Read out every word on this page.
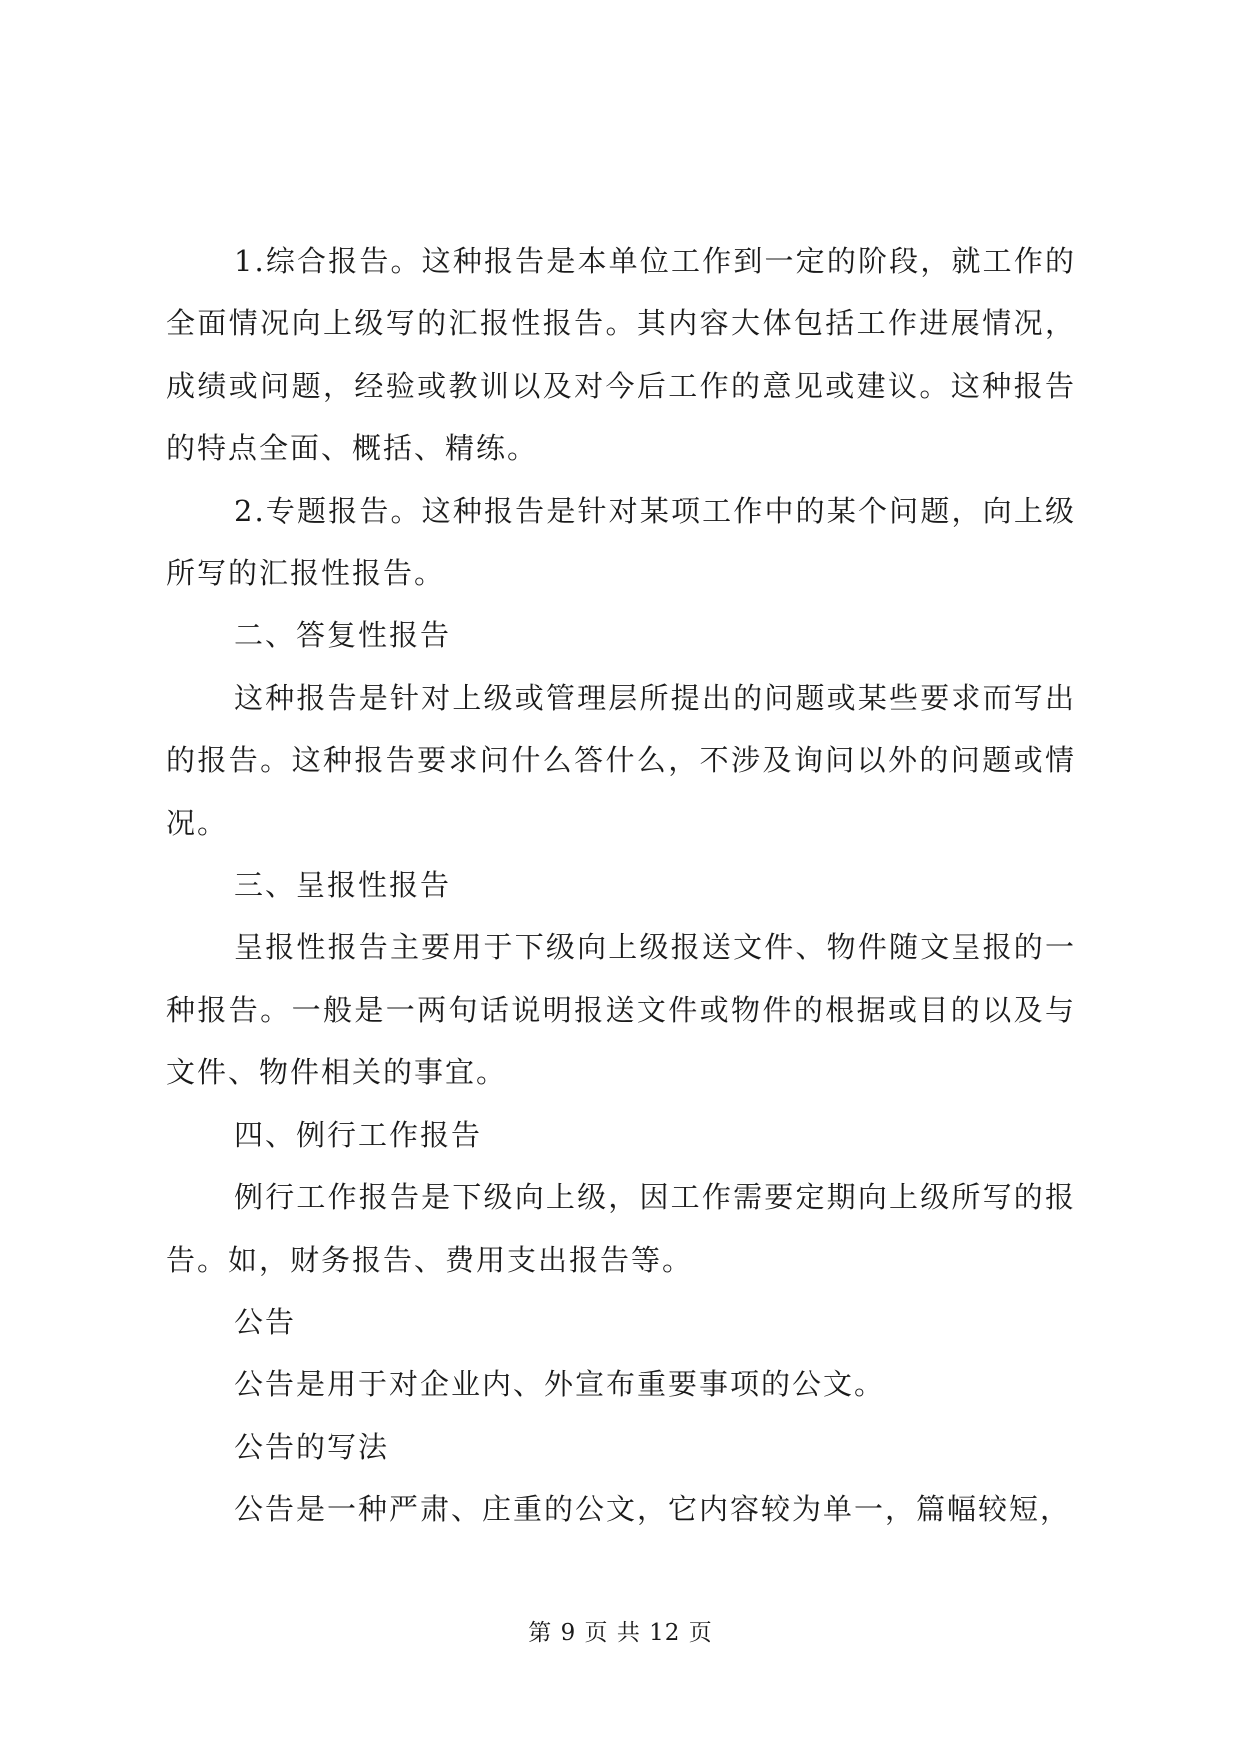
1.综合报告。这种报告是本单位工作到一定的阶段，就工作的全面情况向上级写的汇报性报告。其内容大体包括工作进展情况，成绩或问题，经验或教训以及对今后工作的意见或建议。这种报告的特点全面、概括、精练。

2.专题报告。这种报告是针对某项工作中的某个问题，向上级所写的汇报性报告。

二、答复性报告

这种报告是针对上级或管理层所提出的问题或某些要求而写出的报告。这种报告要求问什么答什么，不涉及询问以外的问题或情况。

三、呈报性报告

呈报性报告主要用于下级向上级报送文件、物件随文呈报的一种报告。一般是一两句话说明报送文件或物件的根据或目的以及与文件、物件相关的事宜。

四、例行工作报告

例行工作报告是下级向上级，因工作需要定期向上级所写的报告。如，财务报告、费用支出报告等。

公告

公告是用于对企业内、外宣布重要事项的公文。

公告的写法

公告是一种严肃、庄重的公文，它内容较为单一，篇幅较短，

第 9 页 共 12 页
